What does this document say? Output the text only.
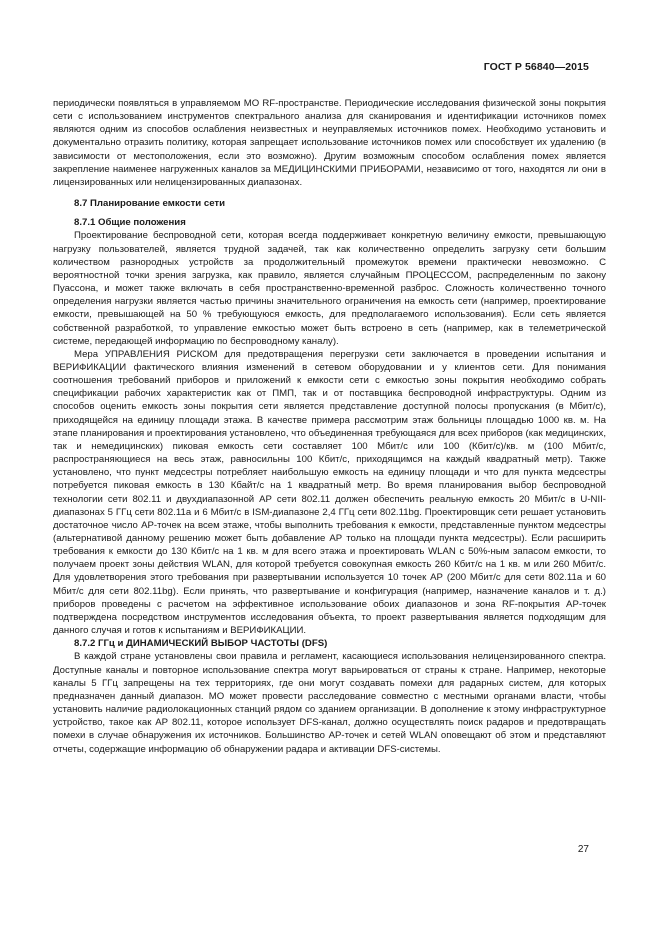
ГОСТ Р 56840—2015

периодически появляться в управляемом МО RF-пространстве. Периодические исследования физической зоны покрытия сети с использованием инструментов спектрального анализа для сканирования и идентификации источников помех являются одним из способов ослабления неизвестных и неуправляемых источников помех. Необходимо установить и документально отразить политику, которая запрещает использование источников помех или способствует их удалению (в зависимости от местоположения, если это возможно). Другим возможным способом ослабления помех является закрепление наименее нагруженных каналов за МЕДИЦИНСКИМИ ПРИБОРАМИ, независимо от того, находятся ли они в лицензированных или нелицензированных диапазонах.

8.7 Планирование емкости сети
8.7.1 Общие положения

Проектирование беспроводной сети, которая всегда поддерживает конкретную величину емкости, превышающую нагрузку пользователей, является трудной задачей, так как количественно определить загрузку сети большим количеством разнородных устройств за продолжительный промежуток времени практически невозможно. С вероятностной точки зрения загрузка, как правило, является случайным ПРОЦЕССОМ, распределенным по закону Пуассона, и может также включать в себя пространственно-временной разброс. Сложность количественно точного определения нагрузки является частью причины значительного ограничения на емкость сети (например, проектирование емкости, превышающей на 50 % требующуюся емкость, для предполагаемого использования). Если сеть является собственной разработкой, то управление емкостью может быть встроено в сеть (например, как в телеметрической системе, передающей информацию по беспроводному каналу).

Мера УПРАВЛЕНИЯ РИСКОМ для предотвращения перегрузки сети заключается в проведении испытания и ВЕРИФИКАЦИИ фактического влияния изменений в сетевом оборудовании и у клиентов сети. Для понимания соотношения требований приборов и приложений к емкости сети с емкостью зоны покрытия необходимо собрать спецификации рабочих характеристик как от ПМП, так и от поставщика беспроводной инфраструктуры. Одним из способов оценить емкость зоны покрытия сети является представление доступной полосы пропускания (в Мбит/с), приходящейся на единицу площади этажа. В качестве примера рассмотрим этаж больницы площадью 1000 кв. м. На этапе планирования и проектирования установлено, что объединенная требующаяся для всех приборов (как медицинских, так и немедицинских) пиковая емкость сети составляет 100 Мбит/с или 100 (Кбит/с)/кв. м (100 Мбит/с, распространяющиеся на весь этаж, равносильны 100 Кбит/с, приходящимся на каждый квадратный метр). Также установлено, что пункт медсестры потребляет наибольшую емкость на единицу площади и что для пункта медсестры потребуется пиковая емкость в 130 Кбайт/с на 1 квадратный метр. Во время планирования выбор беспроводной технологии сети 802.11 и двухдиапазонной АР сети 802.11 должен обеспечить реальную емкость 20 Мбит/с в U-NII-диапазонах 5 ГГц сети 802.11a и 6 Мбит/с в ISM-диапазоне 2,4 ГГц сети 802.11bg. Проектировщик сети решает установить достаточное число АР-точек на всем этаже, чтобы выполнить требования к емкости, представленные пунктом медсестры (альтернативой данному решению может быть добавление АР только на площади пункта медсестры). Если расширить требования к емкости до 130 Кбит/с на 1 кв. м для всего этажа и проектировать WLAN с 50%-ным запасом емкости, то получаем проект зоны действия WLAN, для которой требуется совокупная емкость 260 Кбит/с на 1 кв. м или 260 Мбит/с. Для удовлетворения этого требования при развертывании используется 10 точек АР (200 Мбит/с для сети 802.11a и 60 Мбит/с для сети 802.11bg). Если принять, что развертывание и конфигурация (например, назначение каналов и т. д.) приборов проведены с расчетом на эффективное использование обоих диапазонов и зона RF-покрытия АР-точек подтверждена посредством инструментов исследования объекта, то проект развертывания является подходящим для данного случая и готов к испытаниям и ВЕРИФИКАЦИИ.

8.7.2 ГГц и ДИНАМИЧЕСКИЙ ВЫБОР ЧАСТОТЫ (DFS)

В каждой стране установлены свои правила и регламент, касающиеся использования нелицензированного спектра. Доступные каналы и повторное использование спектра могут варьироваться от страны к стране. Например, некоторые каналы 5 ГГц запрещены на тех территориях, где они могут создавать помехи для радарных систем, для которых предназначен данный диапазон. МО может провести расследование совместно с местными органами власти, чтобы установить наличие радиолокационных станций рядом со зданием организации. В дополнение к этому инфраструктурное устройство, такое как АР 802.11, которое использует DFS-канал, должно осуществлять поиск радаров и предотвращать помехи в случае обнаружения их источников. Большинство АР-точек и сетей WLAN оповещают об этом и представляют отчеты, содержащие информацию об обнаружении радара и активации DFS-системы.

27
